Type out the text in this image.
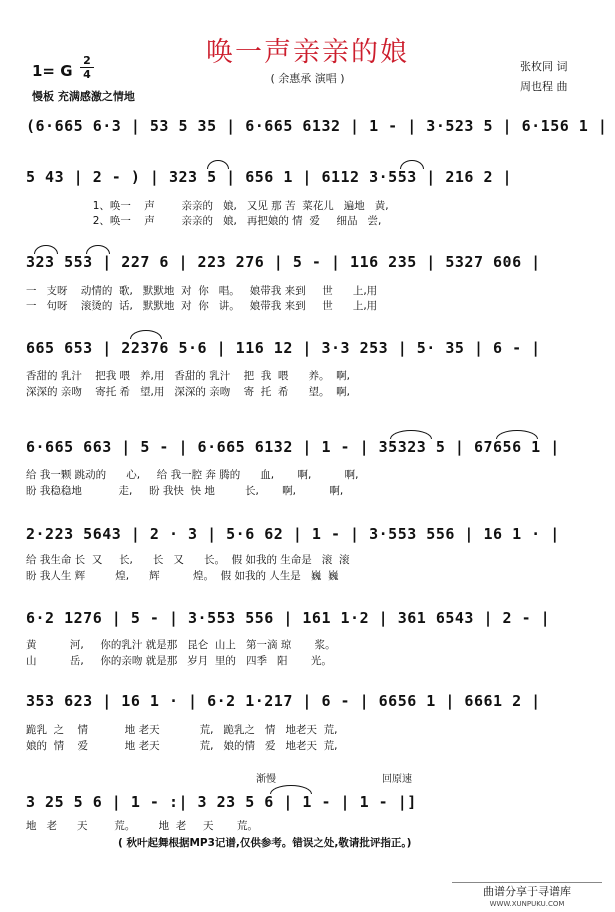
唤一声亲亲的娘
( 余惠承 演唱 )
1= G
2
4
慢板 充满感激之情地
张枚同 词
周也程 曲
(6·665 6·3 | 53 5 35 | 6·665 6132 | 1 - | 3·523 5 | 6·156 1 |
5 43 | 2 - ) | 323 5 | 656 1 | 6112 3·553 | 216 2 |
1、唤一    声        亲亲的   娘,   又见 那 苦  菜花儿   遍地   黄,
2、唤一    声        亲亲的   娘,   再把娘的 情  爱     细品   尝,
323 553 | 227 6 | 223 276 | 5 - | 116 235 | 5327 606 |
一   支呀    动情的  歌,   默默地  对  你   唱。   娘带我 来到     世      上,用
一   句呀    滚烫的  话,   默默地  对  你   讲。   娘带我 来到     世      上,用
665 653 | 22376 5·6 | 116 12 | 3·3 253 | 5· 35 | 6 - |
香甜的 乳汁    把我 喂   养,用   香甜的 乳汁    把  我  喂      养。  啊,
深深的 亲吻    寄托 希   望,用   深深的 亲吻    寄  托  希      望。  啊,
6·665 663 | 5 - | 6·665 6132 | 1 - | 35323 5 | 67656 1 |
给 我一颗 跳动的      心,     给 我一腔 奔 腾的      血,       啊,          啊,
盼 我稳稳地           走,     盼 我快  快 地         长,       啊,          啊,
2·223 5643 | 2 · 3 | 5·6 62 | 1 - | 3·553 556 | 16 1 · |
给 我生命 长  又     长,      长   又      长。  假 如我的 生命是   滚  滚
盼 我人生 辉         煌,      辉          煌。  假 如我的 人生是   巍  巍
6·2 1276 | 5 - | 3·553 556 | 161 1·2 | 361 6543 | 2 - |
黄          河,     你的乳汁 就是那   昆仑  山上   第一滴 琼       浆。
山          岳,     你的亲吻 就是那   岁月  里的   四季   阳       光。
353 623 | 16 1 · | 6·2 1·217 | 6 - | 6656 1 | 6661 2 |
跪乳  之    情           地 老天            荒,   跪乳之   情   地老天  荒,
娘的  情    爱           地 老天            荒,   娘的情   爱   地老天  荒,
渐慢	回原速
3 25 5 6 | 1 - :| 3 23 5 6 | 1 - | 1 - |]
地   老      天        荒。       地  老     天       荒。
( 秋叶起舞根据MP3记谱,仅供参考。错误之处,敬请批评指正。)
曲谱分享于寻谱库
WWW.XUNPUKU.COM
